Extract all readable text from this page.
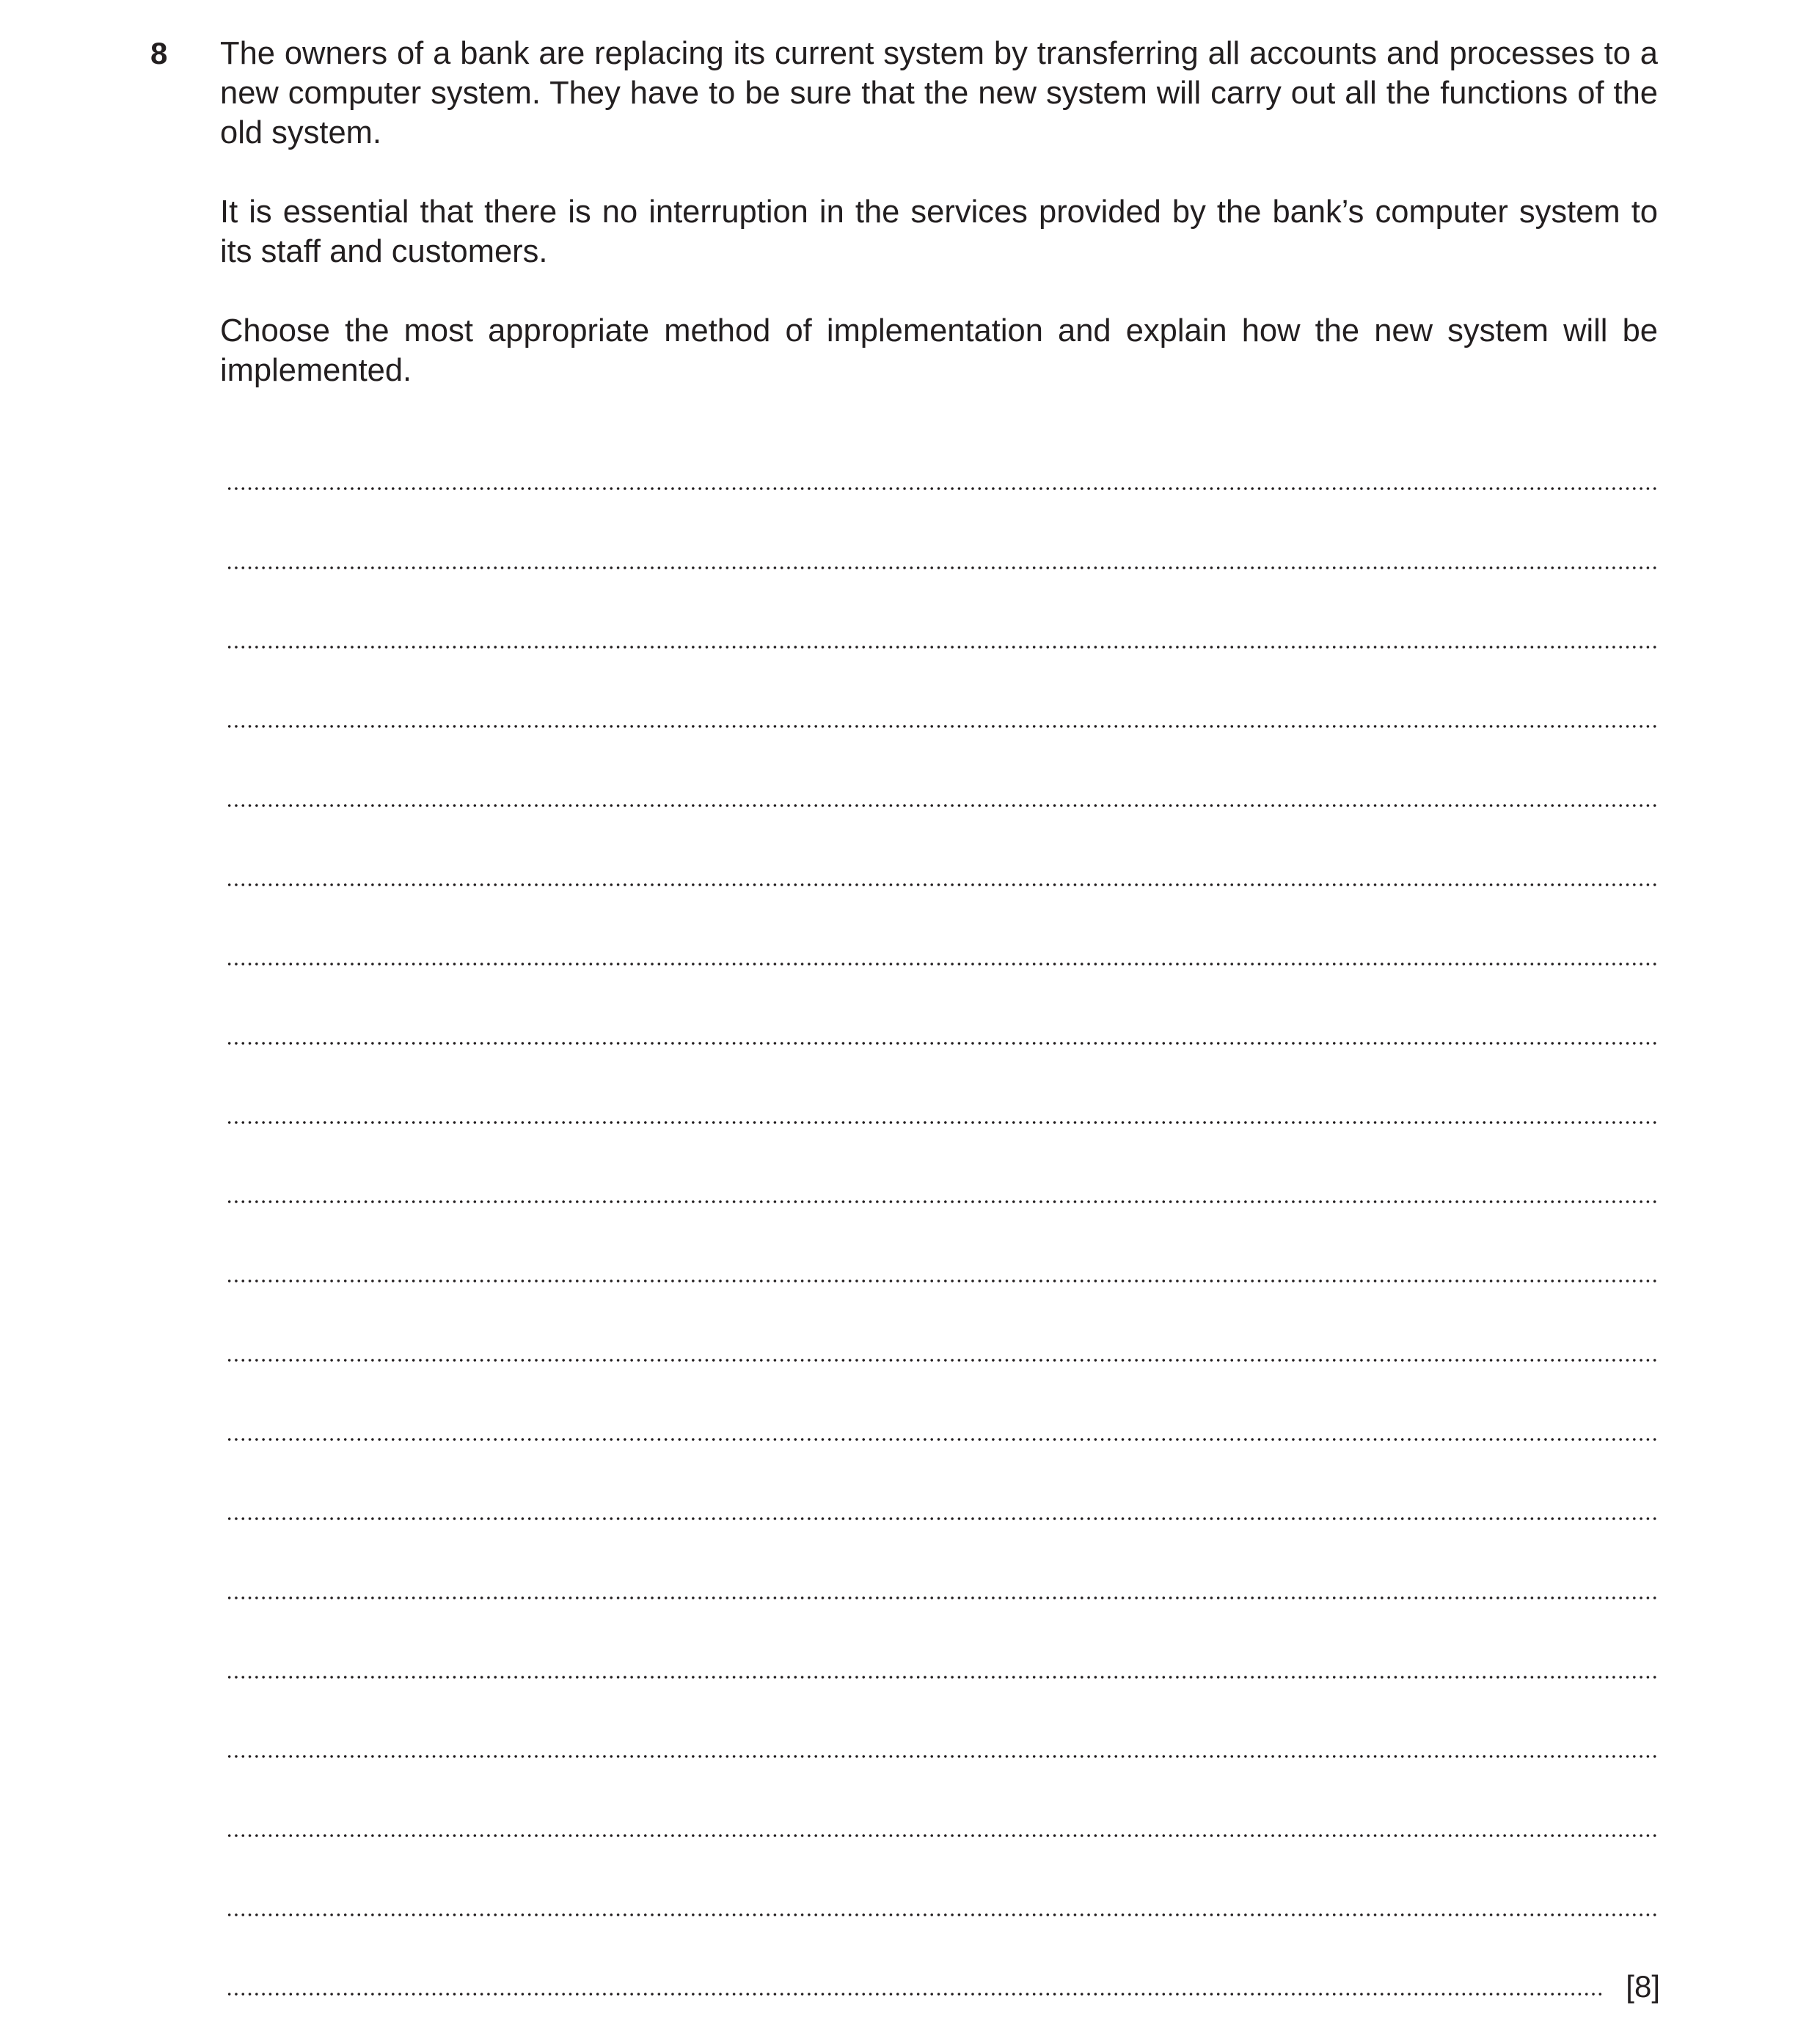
8 The owners of a bank are replacing its current system by transferring all accounts and processes to a new computer system. They have to be sure that the new system will carry out all the functions of the old system.

It is essential that there is no interruption in the services provided by the bank’s computer system to its staff and customers.

Choose the most appropriate method of implementation and explain how the new system will be implemented.

[8]
